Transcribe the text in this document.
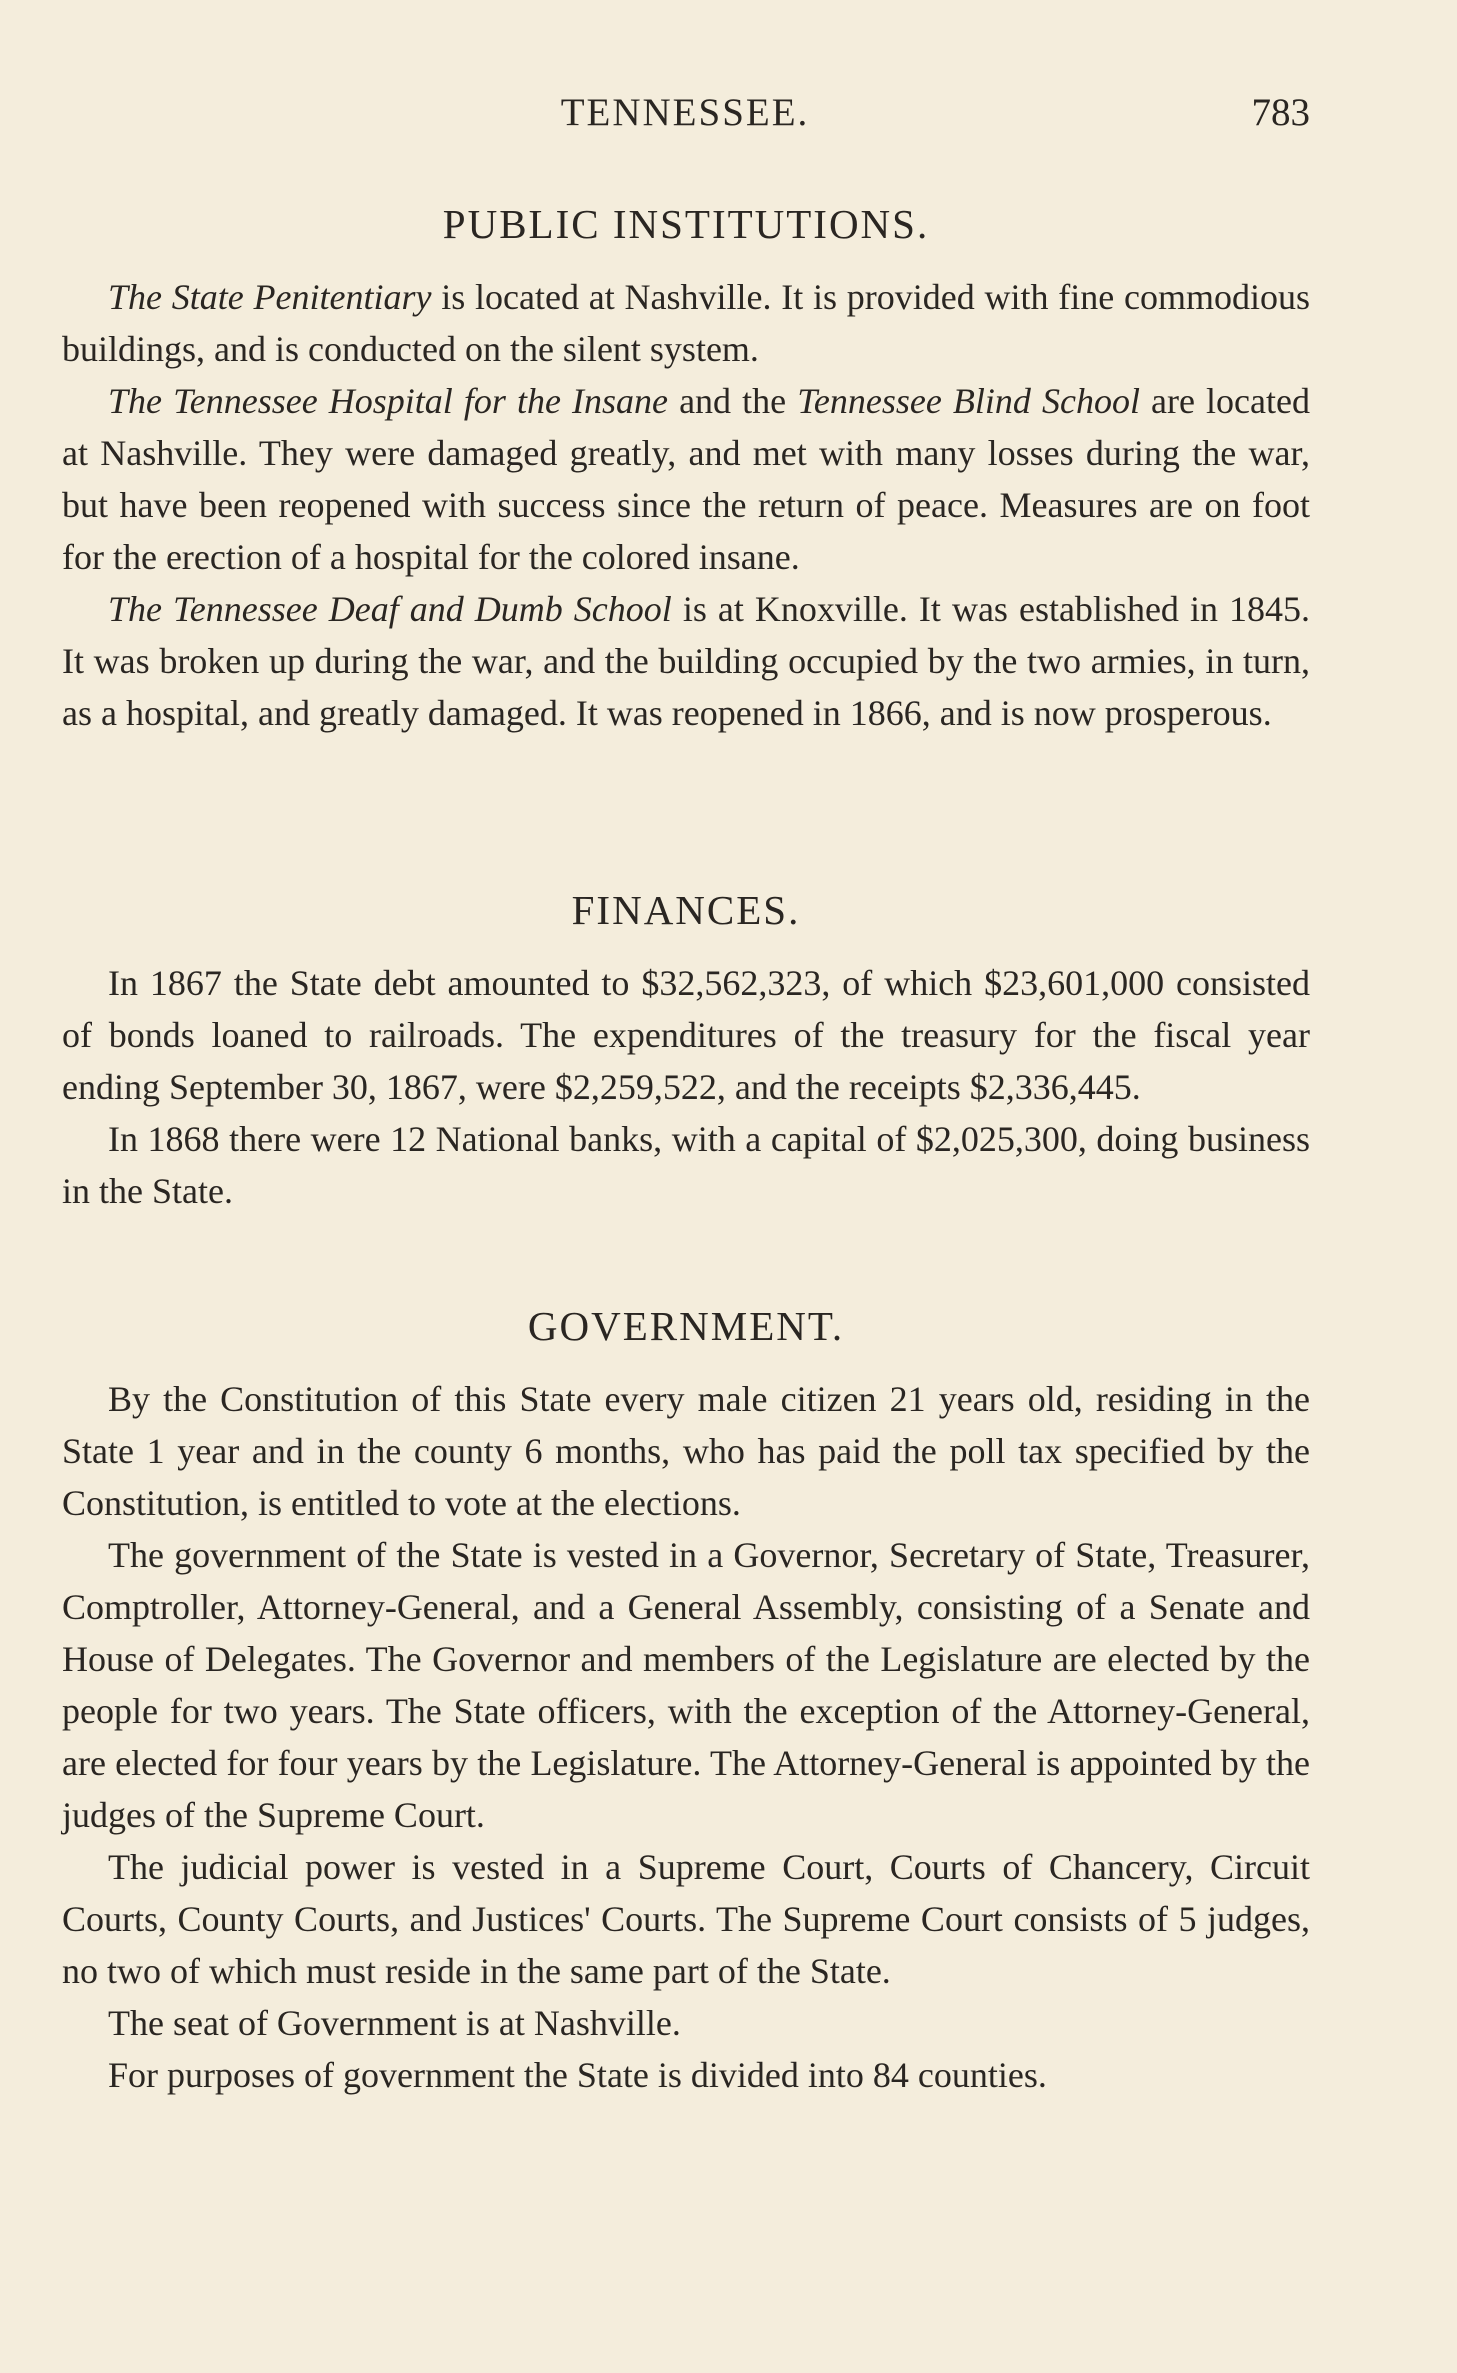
TENNESSEE.	783
PUBLIC INSTITUTIONS.

The State Penitentiary is located at Nashville. It is provided with fine commodious buildings, and is conducted on the silent system.

The Tennessee Hospital for the Insane and the Tennessee Blind School are located at Nashville. They were damaged greatly, and met with many losses during the war, but have been reopened with success since the return of peace. Measures are on foot for the erection of a hospital for the colored insane.

The Tennessee Deaf and Dumb School is at Knoxville. It was established in 1845. It was broken up during the war, and the building occupied by the two armies, in turn, as a hospital, and greatly damaged. It was reopened in 1866, and is now prosperous.

FINANCES.

In 1867 the State debt amounted to $32,562,323, of which $23,601,000 consisted of bonds loaned to railroads. The expenditures of the treasury for the fiscal year ending September 30, 1867, were $2,259,522, and the receipts $2,336,445.

In 1868 there were 12 National banks, with a capital of $2,025,300, doing business in the State.

GOVERNMENT.

By the Constitution of this State every male citizen 21 years old, residing in the State 1 year and in the county 6 months, who has paid the poll tax specified by the Constitution, is entitled to vote at the elections.

The government of the State is vested in a Governor, Secretary of State, Treasurer, Comptroller, Attorney-General, and a General Assembly, consisting of a Senate and House of Delegates. The Governor and members of the Legislature are elected by the people for two years. The State officers, with the exception of the Attorney-General, are elected for four years by the Legislature. The Attorney-General is appointed by the judges of the Supreme Court.

The judicial power is vested in a Supreme Court, Courts of Chancery, Circuit Courts, County Courts, and Justices' Courts. The Supreme Court consists of 5 judges, no two of which must reside in the same part of the State.

The seat of Government is at Nashville.

For purposes of government the State is divided into 84 counties.
